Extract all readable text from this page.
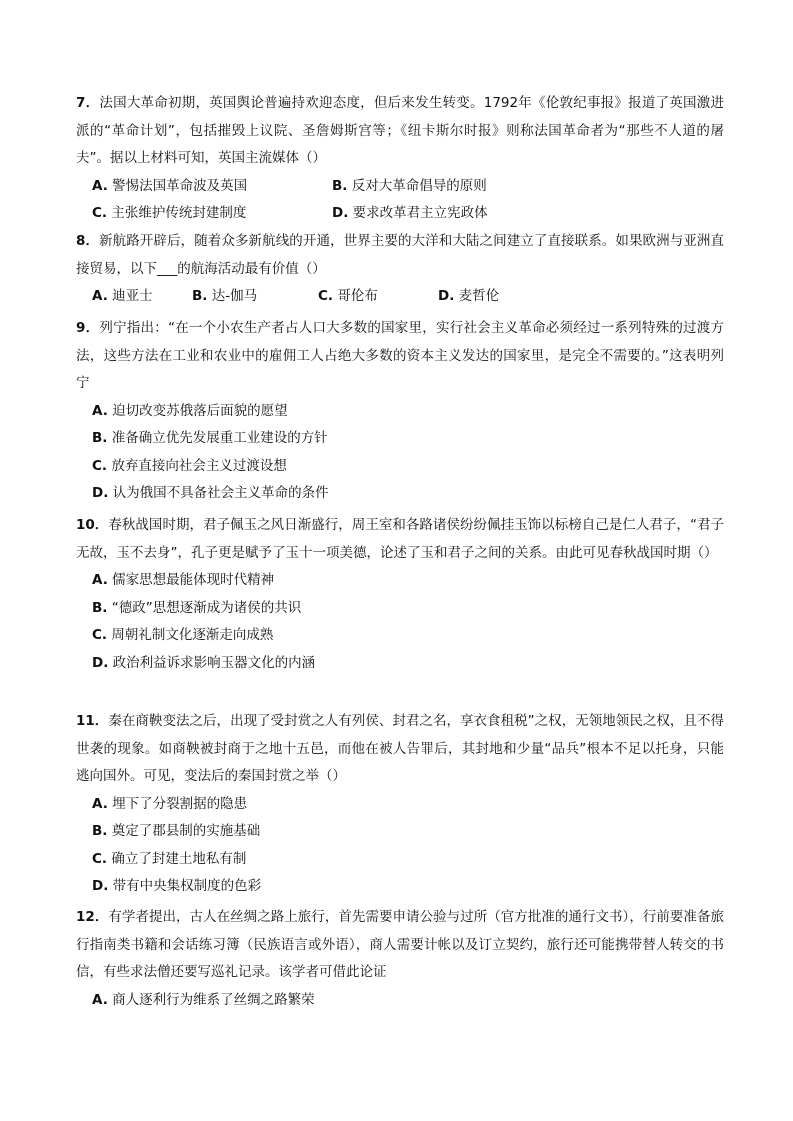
7．法国大革命初期，英国舆论普遍持欢迎态度，但后来发生转变。1792年《伦敦纪事报》报道了英国激进派的“革命计划”，包括摧毁上议院、圣詹姆斯宫等；《纽卡斯尔时报》则称法国革命者为“那些不人道的屠夫”。据以上材料可知，英国主流媒体（）
A. 警惕法国革命波及英国	B. 反对大革命倡导的原则
C. 主张维护传统封建制度	D. 要求改革君主立宪政体
8．新航路开辟后，随着众多新航线的开通，世界主要的大洋和大陆之间建立了直接联系。如果欧洲与亚洲直接贸易，以下___的航海活动最有价值（）
A. 迪亚士	B. 达-伽马	C. 哥伦布	D. 麦哲伦
9．列宁指出：“在一个小农生产者占人口大多数的国家里，实行社会主义革命必须经过一系列特殊的过渡方法，这些方法在工业和农业中的雇佣工人占绝大多数的资本主义发达的国家里，是完全不需要的。”这表明列宁
A. 迫切改变苏俄落后面貌的愿望
B. 准备确立优先发展重工业建设的方针
C. 放弃直接向社会主义过渡设想
D. 认为俄国不具备社会主义革命的条件
10．春秋战国时期，君子佩玉之风日渐盛行，周王室和各路诸侯纷纷佩挂玉饰以标榜自己是仁人君子，“君子无故，玉不去身”，孔子更是赋予了玉十一项美德，论述了玉和君子之间的关系。由此可见春秋战国时期（）
A. 儒家思想最能体现时代精神
B. “德政”思想逐渐成为诸侯的共识
C. 周朝礼制文化逐渐走向成熟
D. 政治利益诉求影响玉器文化的内涵
11．秦在商鞅变法之后，出现了受封赏之人有列侯、封君之名，享衣食租税”之权，无领地领民之权，且不得世袭的现象。如商鞅被封商于之地十五邑，而他在被人告罪后，其封地和少量“品兵”根本不足以托身，只能逃向国外。可见，变法后的秦国封赏之举（）
A. 埋下了分裂割据的隐患
B. 奠定了郡县制的实施基础
C. 确立了封建土地私有制
D. 带有中央集权制度的色彩
12．有学者提出，古人在丝绸之路上旅行，首先需要申请公验与过所（官方批准的通行文书），行前要准备旅行指南类书籍和会话练习簿（民族语言或外语），商人需要计帐以及订立契约，旅行还可能携带替人转交的书信，有些求法僧还要写巡礼记录。该学者可借此论证
A. 商人逐利行为维系了丝绸之路繁荣
